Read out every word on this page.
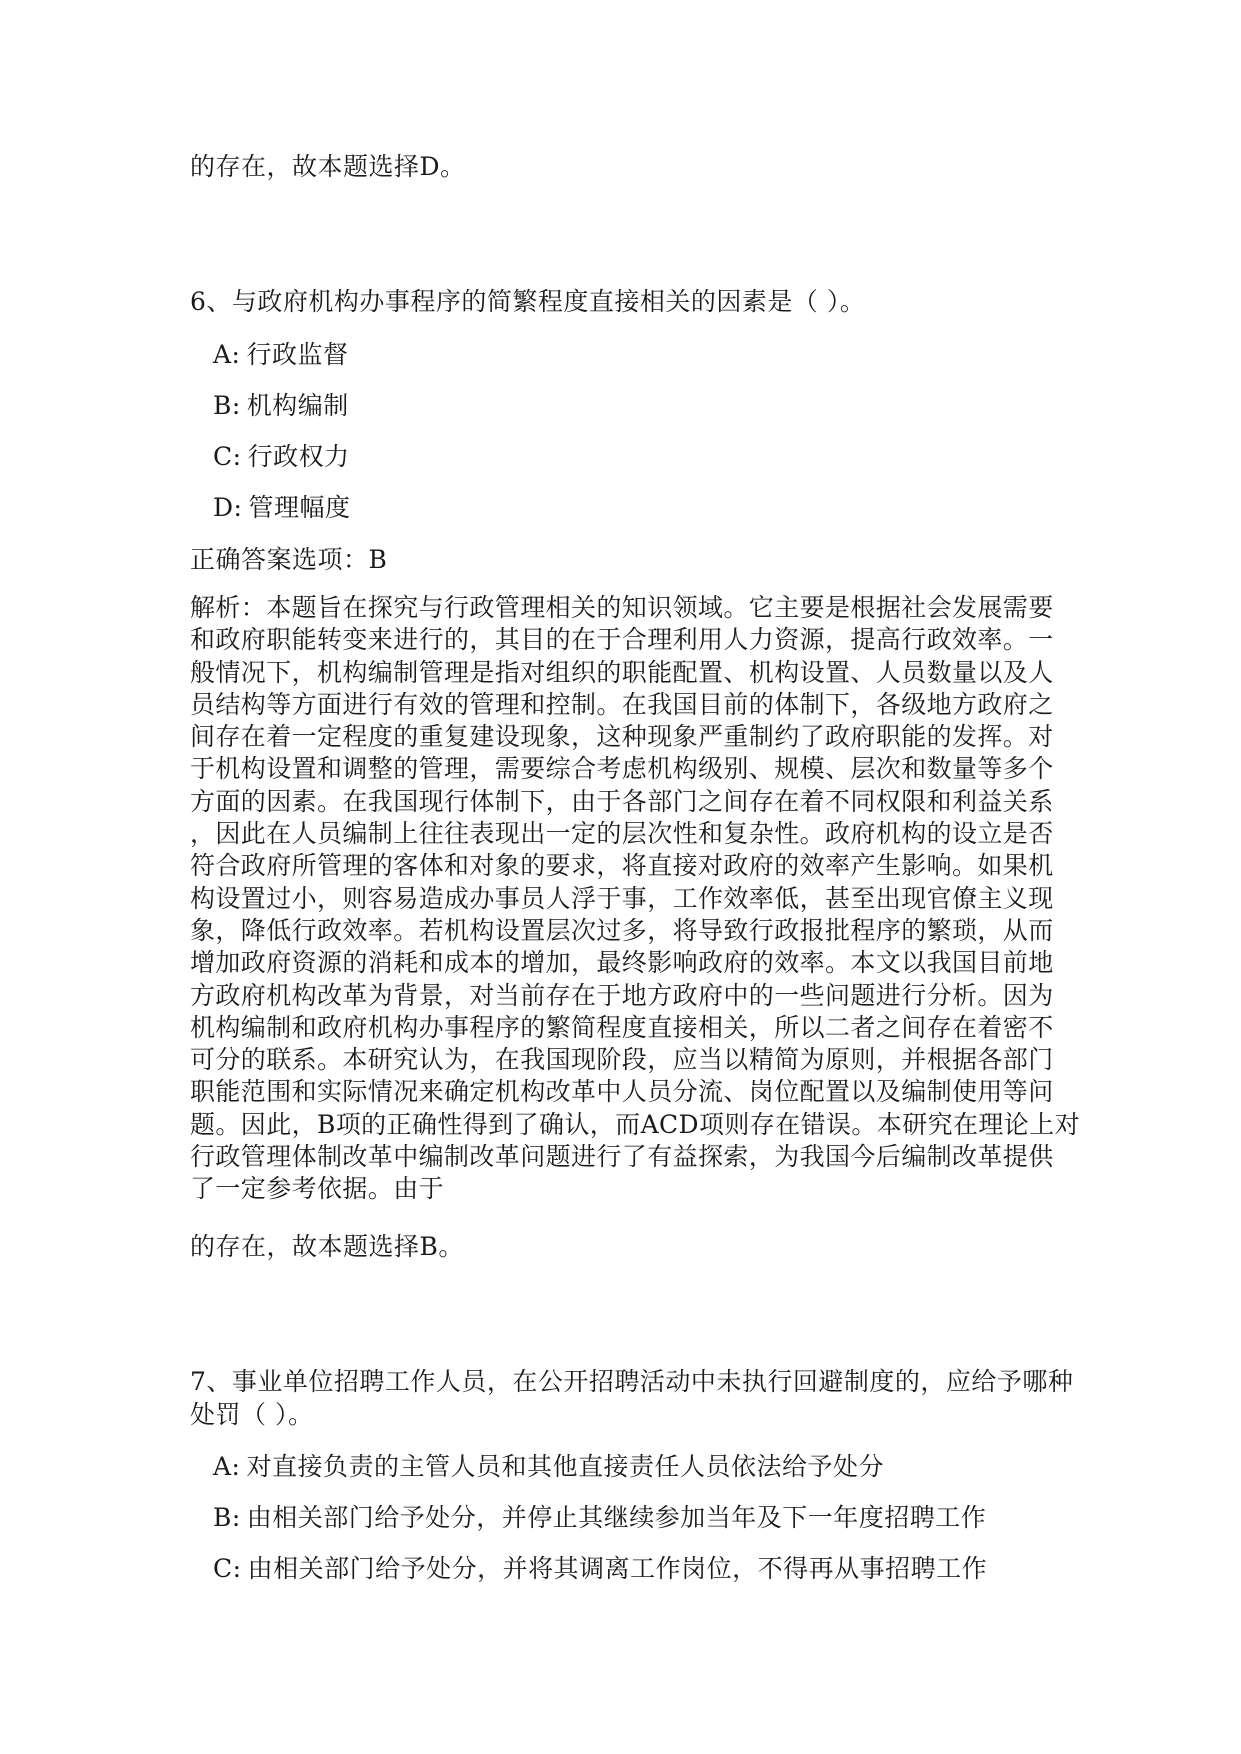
的存在，故本题选择D。
6、与政府机构办事程序的简繁程度直接相关的因素是（ ）。
A: 行政监督
B: 机构编制
C: 行政权力
D: 管理幅度
正确答案选项：B
解析：本题旨在探究与行政管理相关的知识领域。它主要是根据社会发展需要
和政府职能转变来进行的，其目的在于合理利用人力资源，提高行政效率。一
般情况下，机构编制管理是指对组织的职能配置、机构设置、人员数量以及人
员结构等方面进行有效的管理和控制。在我国目前的体制下，各级地方政府之
间存在着一定程度的重复建设现象，这种现象严重制约了政府职能的发挥。对
于机构设置和调整的管理，需要综合考虑机构级别、规模、层次和数量等多个
方面的因素。在我国现行体制下，由于各部门之间存在着不同权限和利益关系
，因此在人员编制上往往表现出一定的层次性和复杂性。政府机构的设立是否
符合政府所管理的客体和对象的要求，将直接对政府的效率产生影响。如果机
构设置过小，则容易造成办事员人浮于事，工作效率低，甚至出现官僚主义现
象，降低行政效率。若机构设置层次过多，将导致行政报批程序的繁琐，从而
增加政府资源的消耗和成本的增加，最终影响政府的效率。本文以我国目前地
方政府机构改革为背景，对当前存在于地方政府中的一些问题进行分析。因为
机构编制和政府机构办事程序的繁简程度直接相关，所以二者之间存在着密不
可分的联系。本研究认为，在我国现阶段，应当以精简为原则，并根据各部门
职能范围和实际情况来确定机构改革中人员分流、岗位配置以及编制使用等问
题。因此，B项的正确性得到了确认，而ACD项则存在错误。本研究在理论上对
行政管理体制改革中编制改革问题进行了有益探索，为我国今后编制改革提供
了一定参考依据。由于
的存在，故本题选择B。
7、事业单位招聘工作人员，在公开招聘活动中未执行回避制度的，应给予哪种
处罚（ ）。
A: 对直接负责的主管人员和其他直接责任人员依法给予处分
B: 由相关部门给予处分，并停止其继续参加当年及下一年度招聘工作
C: 由相关部门给予处分，并将其调离工作岗位，不得再从事招聘工作
